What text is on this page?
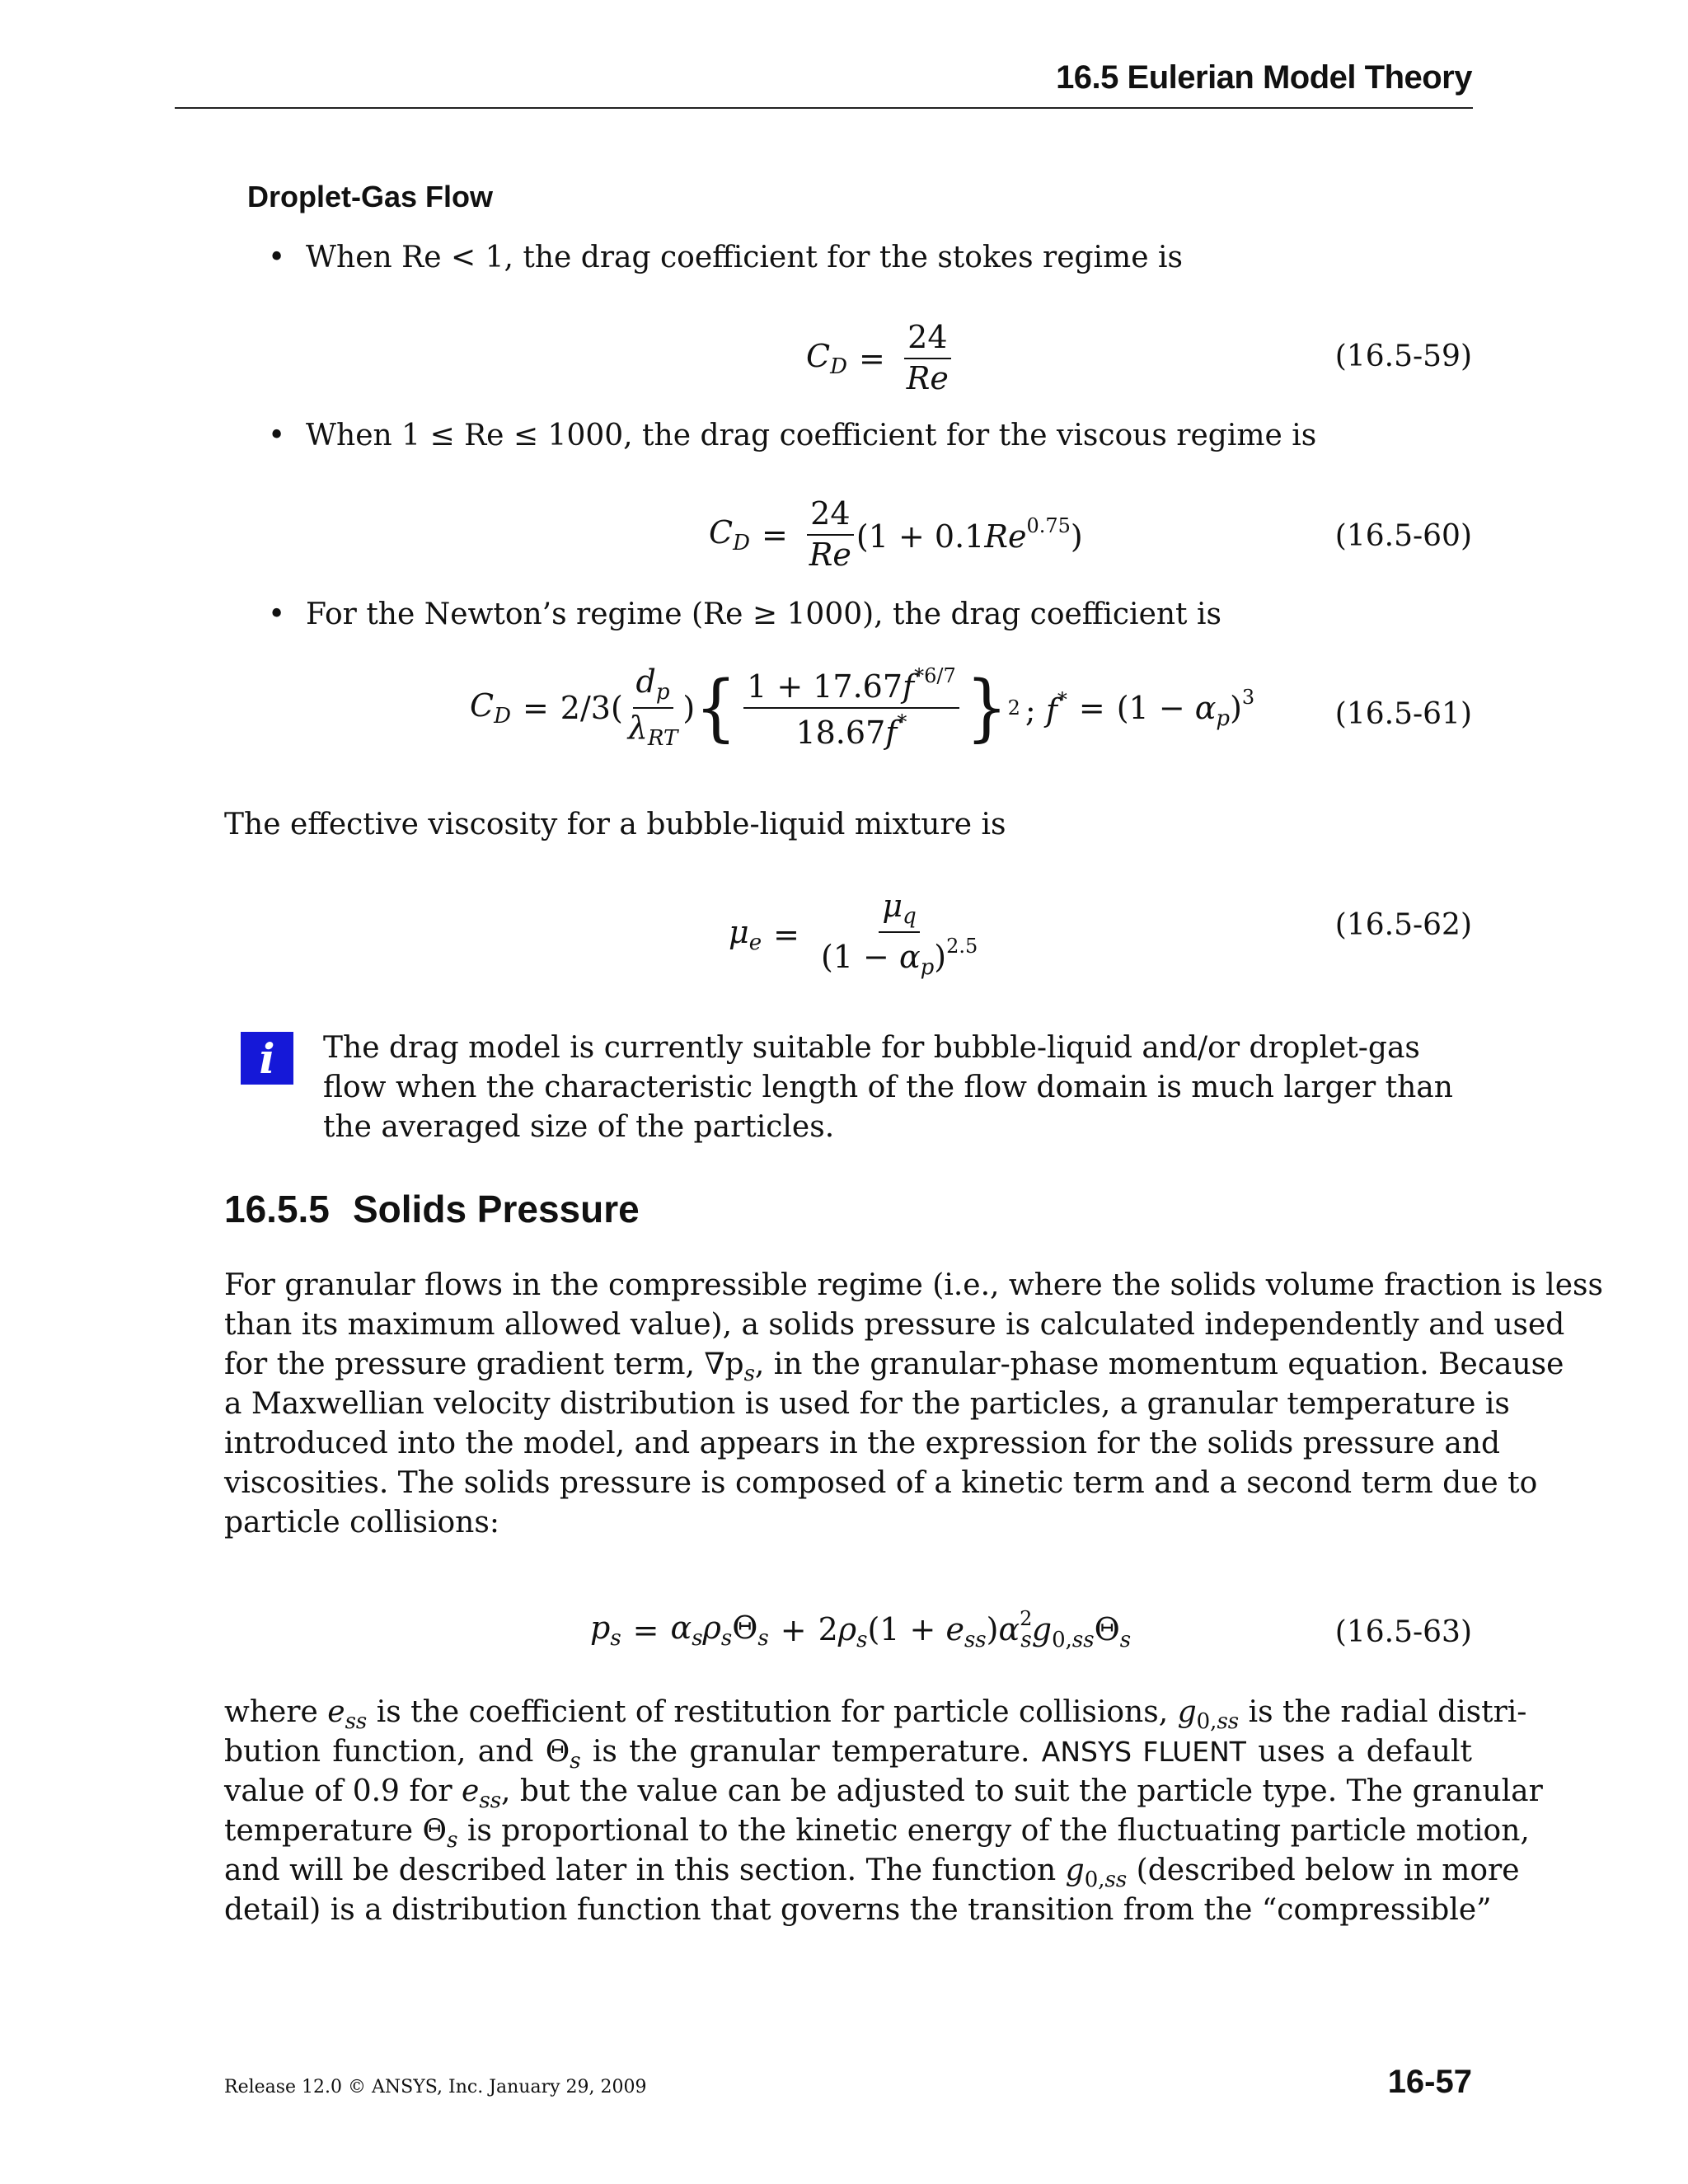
16.5 Eulerian Model Theory
Droplet-Gas Flow
• When Re < 1, the drag coefficient for the stokes regime is
$C_D = \frac{24}{Re}$	(16.5-59)
• When 1 ≤ Re ≤ 1000, the drag coefficient for the viscous regime is
$C_D = \frac{24}{Re} (1 + 0.1Re^{0.75})$	(16.5-60)
• For the Newton’s regime (Re ≥ 1000), the drag coefficient is
$C_D = 2/3( \frac{d_p}{\lambda_{RT}}$ ) { $\frac{1 + 17.67f^{*6/7}}{18.67f^*}$ } 2 ; $f^* = (1 - \alpha_p)^3$
(16.5-61)
The effective viscosity for a bubble-liquid mixture is
$\mu_e = \frac{\mu_q}{(1 - \alpha_p)^{2.5}}$	(16.5-62)
i	The drag model is currently suitable for bubble-liquid and/or droplet-gas
flow when the characteristic length of the flow domain is much larger than
the averaged size of the particles.
16.5.5 Solids Pressure
For granular flows in the compressible regime (i.e., where the solids volume fraction is less
than its maximum allowed value), a solids pressure is calculated independently and used
for the pressure gradient term, $\nabla p_s$, in the granular-phase momentum equation. Because
a Maxwellian velocity distribution is used for the particles, a granular temperature is
introduced into the model, and appears in the expression for the solids pressure and
viscosities. The solids pressure is composed of a kinetic term and a second term due to
particle collisions:
$p_s = \alpha_s\rho_s\Theta_s + 2\rho_s(1 + e_{ss})\alpha^2_sg_{0,ss}\Theta_s$	(16.5-63)
where $e_{ss}$ is the coefficient of restitution for particle collisions, $g_{0,ss}$ is the radial distri-
bution function, and $\Theta_s$ is the granular temperature. ANSYS FLUENT uses a default
value of 0.9 for $e_{ss}$, but the value can be adjusted to suit the particle type. The granular
temperature $\Theta_s$ is proportional to the kinetic energy of the fluctuating particle motion,
and will be described later in this section. The function $g_{0,ss}$ (described below in more
detail) is a distribution function that governs the transition from the “compressible”
Release 12.0 © ANSYS, Inc. January 29, 2009	16-57
